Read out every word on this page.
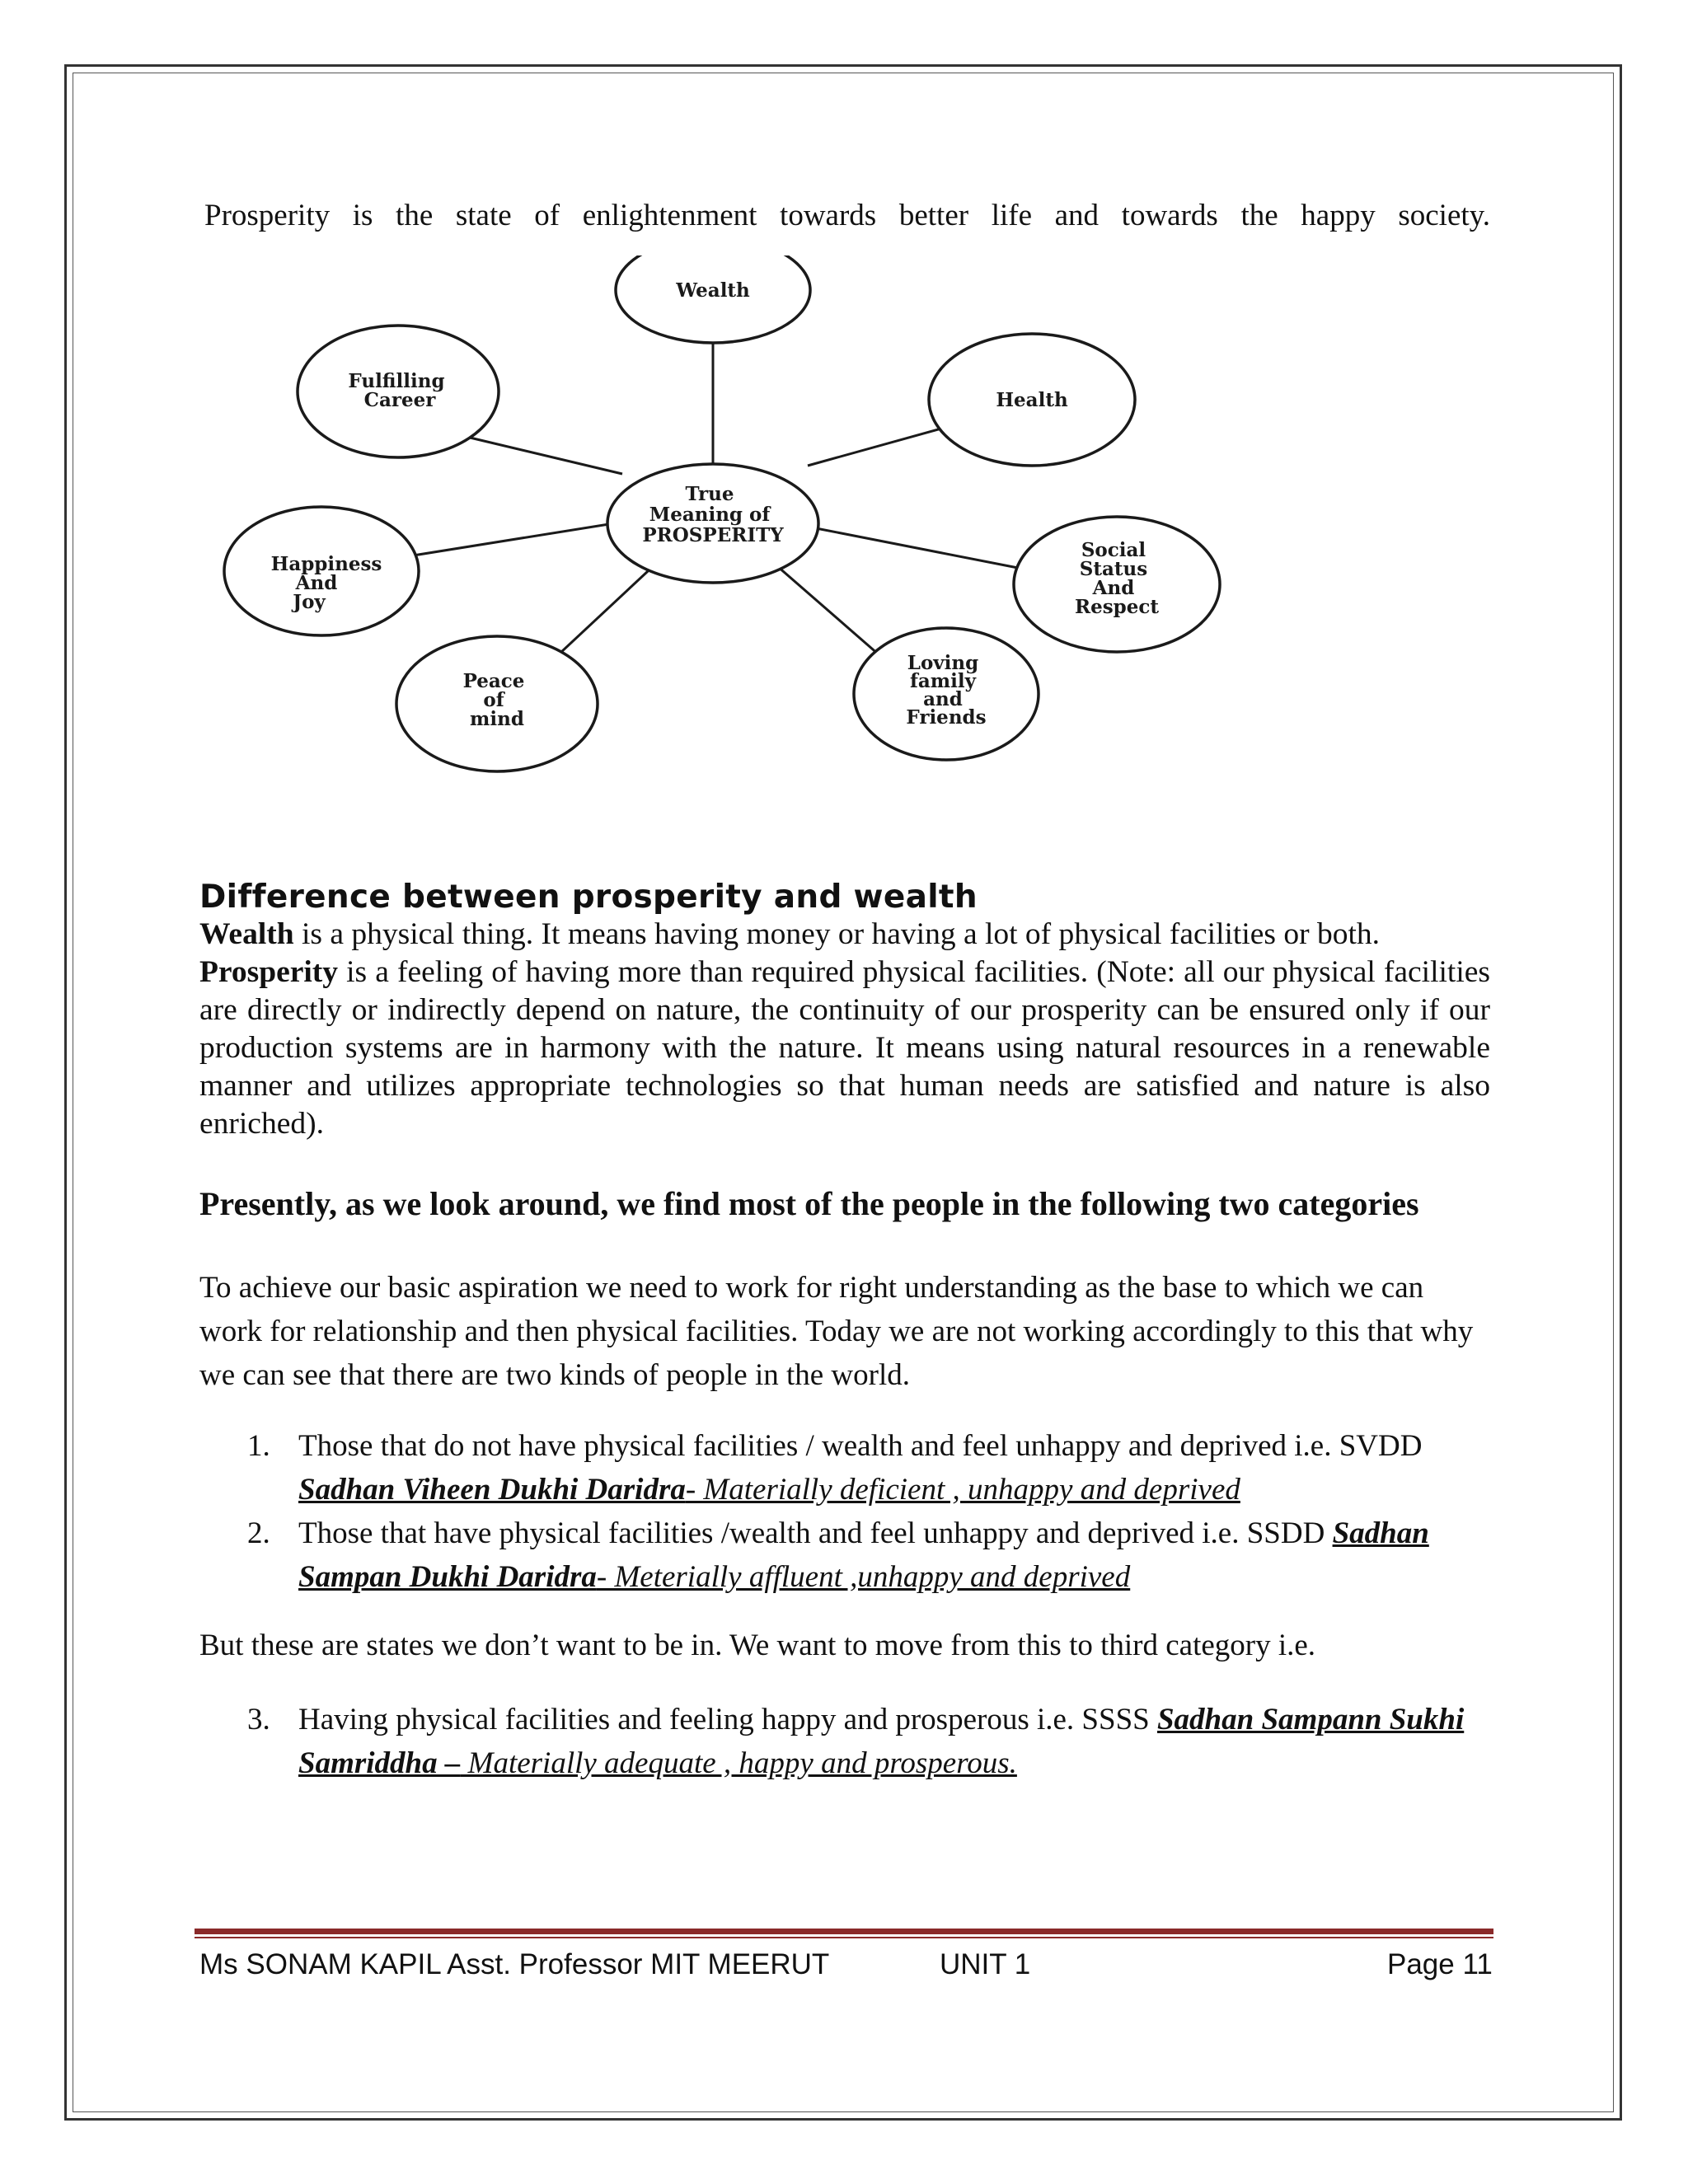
Prosperity is the state of enlightenment towards better life and towards the happy society.
True Meaning of PROSPERITY
Wealth
Health
Social Status And Respect
Loving family and Friends
Peace of mind
Happiness And Joy
Fulfilling Career
Difference between prosperity and wealth

Wealth is a physical thing. It means having money or having a lot of physical facilities or both.
Prosperity is a feeling of having more than required physical facilities. (Note: all our physical facilities are directly or indirectly depend on nature, the continuity of our prosperity can be ensured only if our production systems are in harmony with the nature. It means using natural resources in a renewable manner and utilizes appropriate technologies so that human needs are satisfied and nature is also enriched).

Presently, as we look around, we find most of the people in the following two categories

To achieve our basic aspiration we need to work for right understanding as the base to which we can work for relationship and then physical facilities. Today we are not working accordingly to this that why we can see that there are two kinds of people in the world.

1. Those that do not have physical facilities / wealth and feel unhappy and deprived i.e. SVDD Sadhan Viheen Dukhi Daridra- Materially deficient , unhappy and deprived
2. Those that have physical facilities /wealth and feel unhappy and deprived i.e. SSDD Sadhan Sampan Dukhi Daridra- Meterially affluent ,unhappy and deprived
But these are states we don’t want to be in. We want to move from this to third category i.e.
3. Having physical facilities and feeling happy and prosperous i.e. SSSS Sadhan Sampann Sukhi Samriddha – Materially adequate , happy and prosperous.
Ms SONAM KAPIL Asst. Professor MIT MEERUT	UNIT 1	Page 11
